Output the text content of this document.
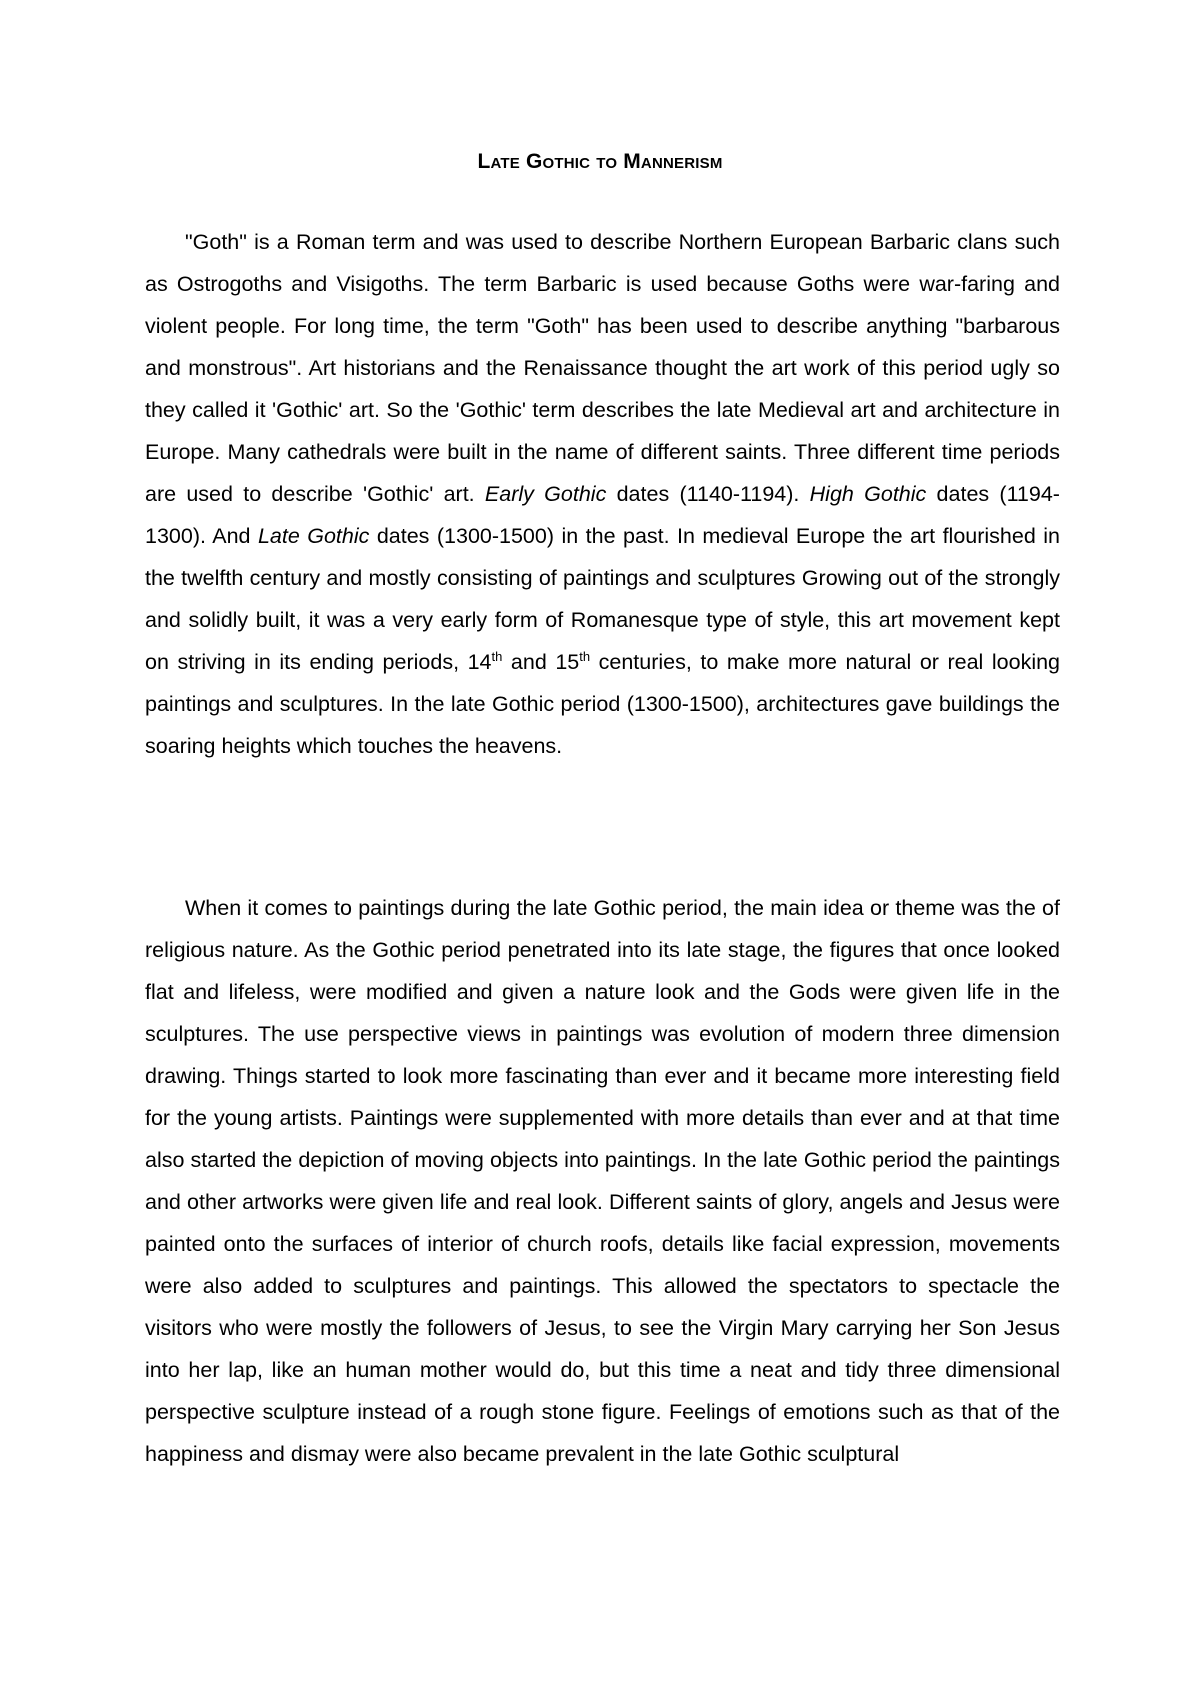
Late Gothic to Mannerism

"Goth" is a Roman term and was used to describe Northern European Barbaric clans such as Ostrogoths and Visigoths. The term Barbaric is used because Goths were war-faring and violent people. For long time, the term "Goth" has been used to describe anything "barbarous and monstrous". Art historians and the Renaissance thought the art work of this period ugly so they called it 'Gothic' art. So the 'Gothic' term describes the late Medieval art and architecture in Europe. Many cathedrals were built in the name of different saints. Three different time periods are used to describe 'Gothic' art. Early Gothic dates (1140-1194). High Gothic dates (1194-1300). And Late Gothic dates (1300-1500) in the past. In medieval Europe the art flourished in the twelfth century and mostly consisting of paintings and sculptures Growing out of the strongly and solidly built, it was a very early form of Romanesque type of style, this art movement kept on striving in its ending periods, 14th and 15th centuries, to make more natural or real looking paintings and sculptures. In the late Gothic period (1300-1500), architectures gave buildings the soaring heights which touches the heavens.

When it comes to paintings during the late Gothic period, the main idea or theme was the of religious nature. As the Gothic period penetrated into its late stage, the figures that once looked flat and lifeless, were modified and given a nature look and the Gods were given life in the sculptures. The use perspective views in paintings was evolution of modern three dimension drawing. Things started to look more fascinating than ever and it became more interesting field for the young artists. Paintings were supplemented with more details than ever and at that time also started the depiction of moving objects into paintings. In the late Gothic period the paintings and other artworks were given life and real look. Different saints of glory, angels and Jesus were painted onto the surfaces of interior of church roofs, details like facial expression, movements were also added to sculptures and paintings. This allowed the spectators to spectacle the visitors who were mostly the followers of Jesus, to see the Virgin Mary carrying her Son Jesus into her lap, like an human mother would do, but this time a neat and tidy three dimensional perspective sculpture instead of a rough stone figure. Feelings of emotions such as that of the happiness and dismay were also became prevalent in the late Gothic sculptural
